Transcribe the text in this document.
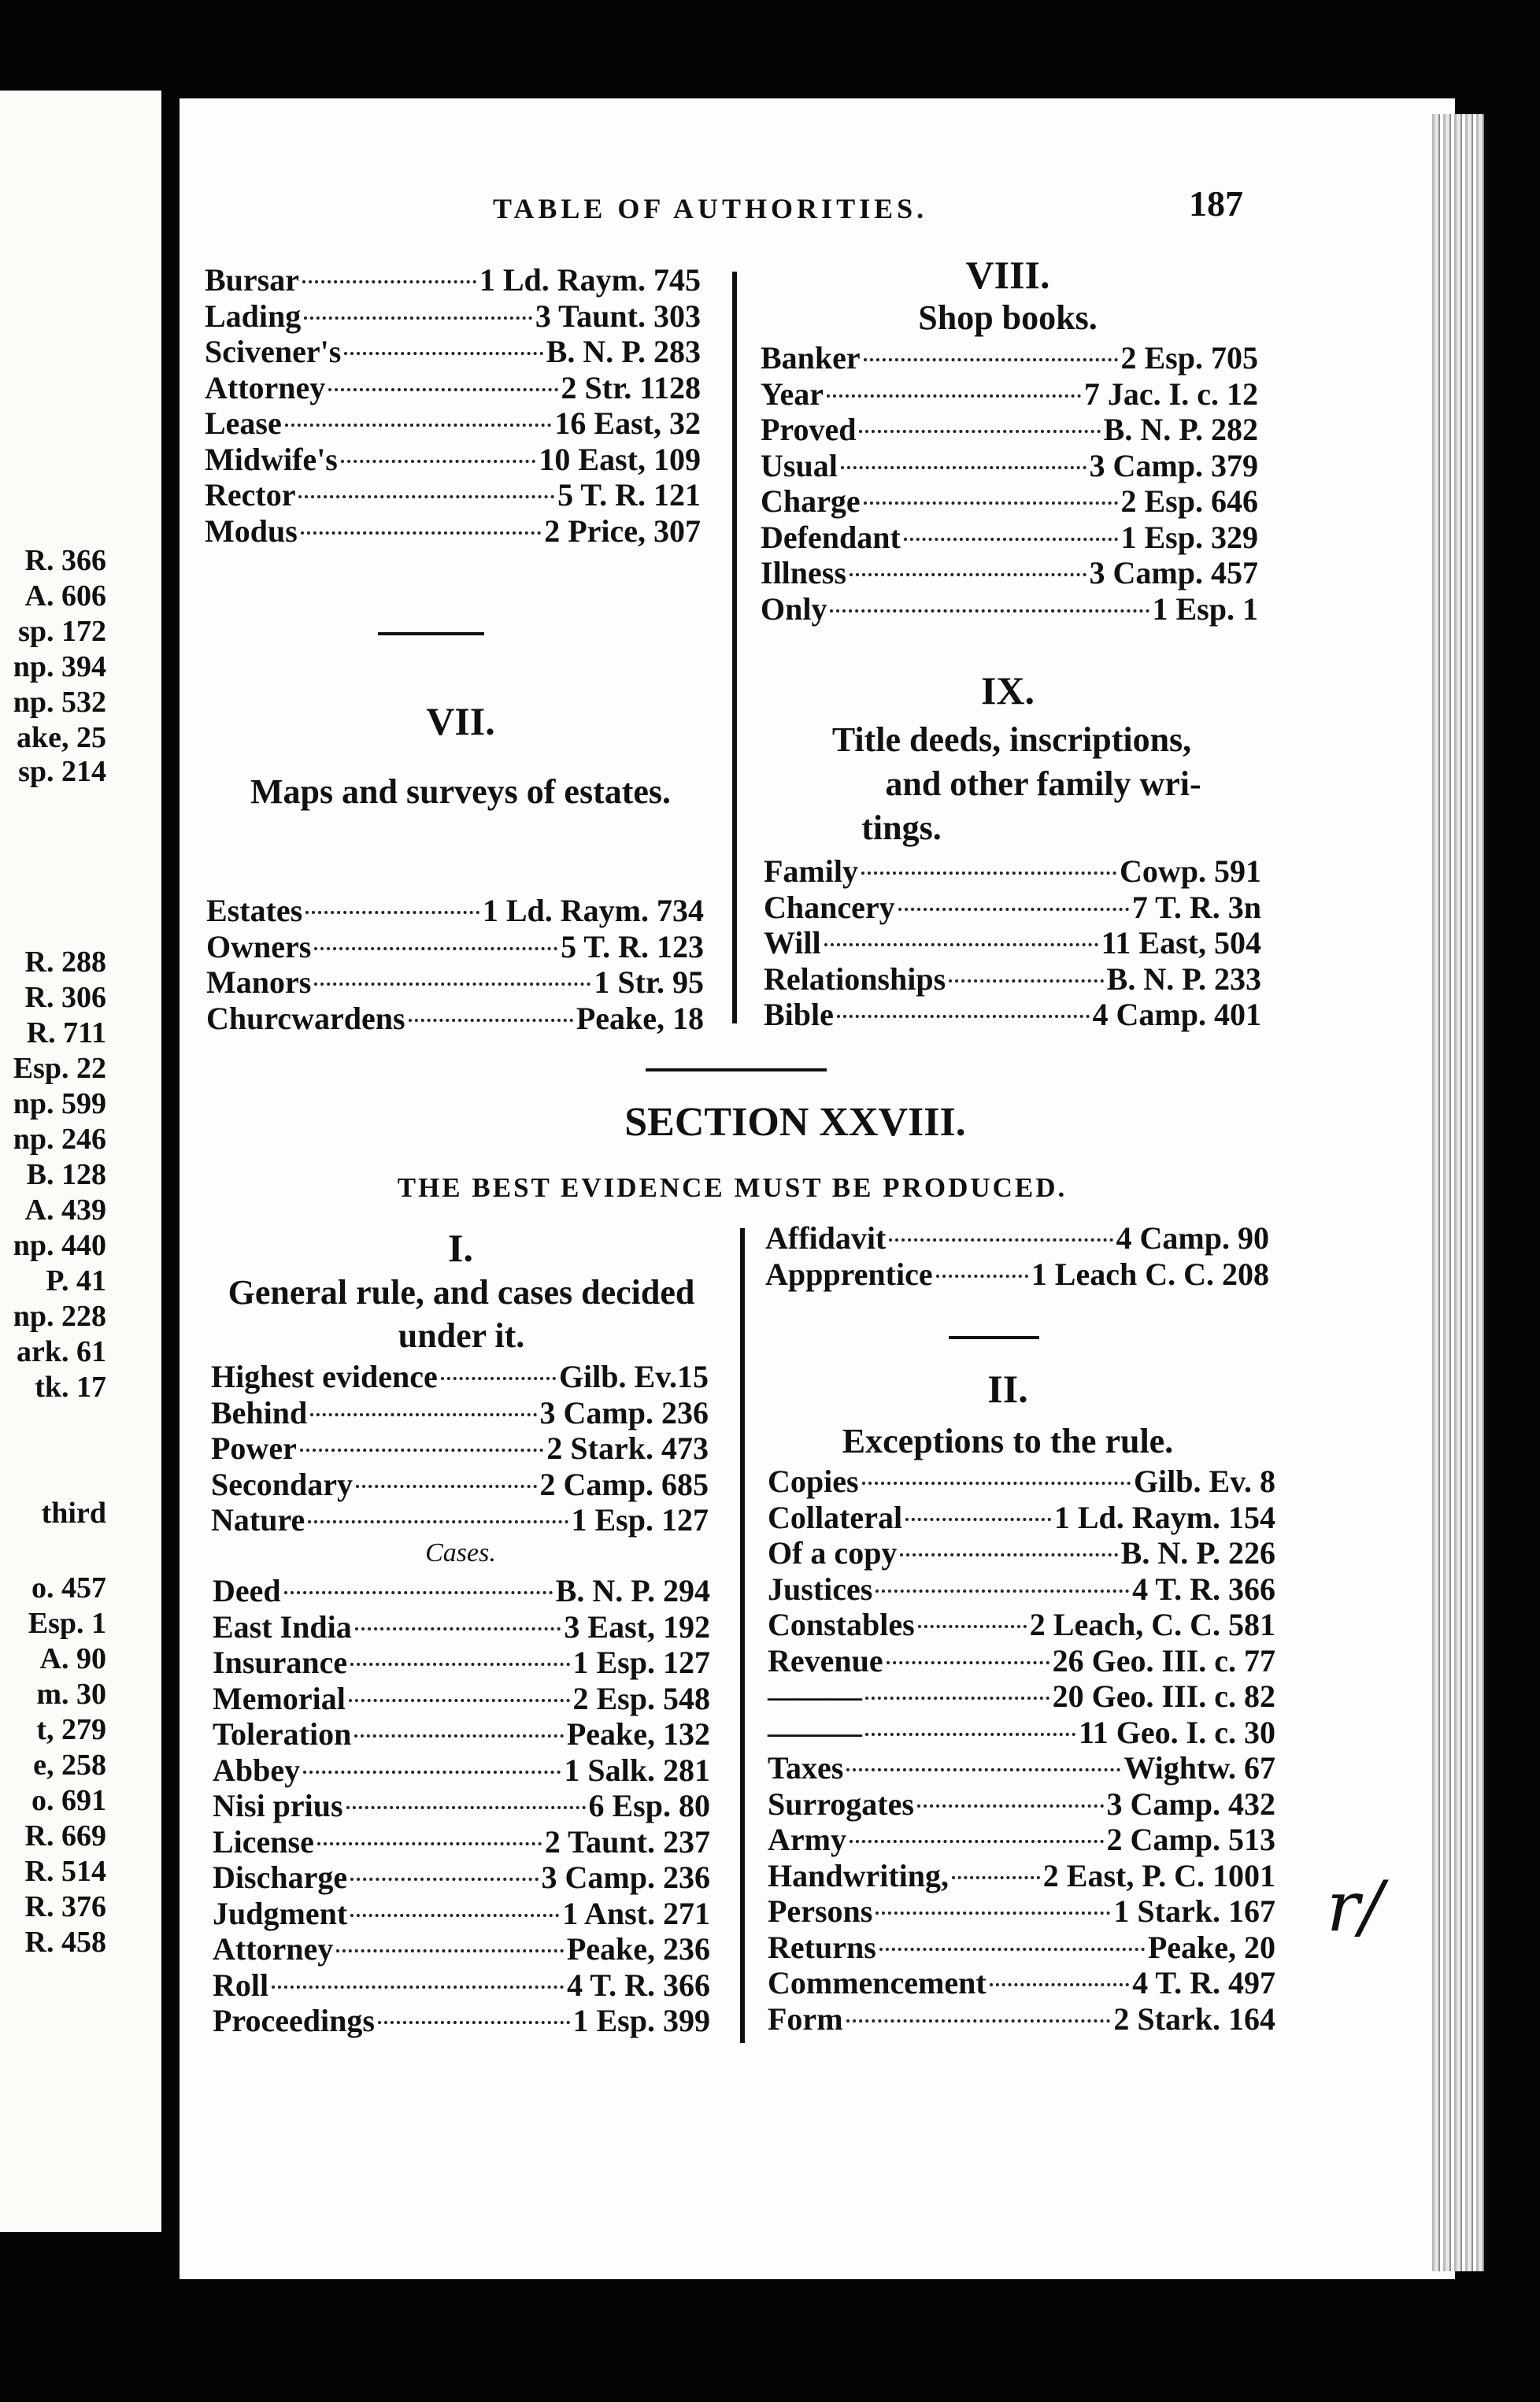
R. 366
A. 606
sp. 172
np. 394
np. 532
ake, 25
sp. 214
R. 288
R. 306
R. 711
Esp. 22
np. 599
np. 246
B. 128
A. 439
np. 440
P. 41
np. 228
ark. 61
tk. 17
third
o. 457
Esp. 1
A. 90
m. 30
t, 279
e, 258
o. 691
R. 669
R. 514
R. 376
R. 458
TABLE OF AUTHORITIES.	187
Bursar	1 Ld. Raym. 745
Lading	3 Taunt. 303
Scivener's	B. N. P. 283
Attorney	2 Str. 1128
Lease	16 East, 32
Midwife's	10 East, 109
Rector	5 T. R. 121
Modus	2 Price, 307
VII.
Maps and surveys of estates.
Estates	1 Ld. Raym. 734
Owners	5 T. R. 123
Manors	1 Str. 95
Churcwardens	Peake, 18
VIII.
Shop books.
Banker	2 Esp. 705
Year	7 Jac. I. c. 12
Proved	B. N. P. 282
Usual	3 Camp. 379
Charge	2 Esp. 646
Defendant	1 Esp. 329
Illness	3 Camp. 457
Only	1 Esp. 1
IX.
Title deeds, inscriptions,
and other family wri-
tings.
Family	Cowp. 591
Chancery	7 T. R. 3n
Will	11 East, 504
Relationships	B. N. P. 233
Bible	4 Camp. 401
SECTION XXVIII.
THE BEST EVIDENCE MUST BE PRODUCED.
I.
General rule, and cases decided under it.
Highest evidence	Gilb. Ev.15
Behind	3 Camp. 236
Power	2 Stark. 473
Secondary	2 Camp. 685
Nature	1 Esp. 127
Cases.
Deed	B. N. P. 294
East India	3 East, 192
Insurance	1 Esp. 127
Memorial	2 Esp. 548
Toleration	Peake, 132
Abbey	1 Salk. 281
Nisi prius	6 Esp. 80
License	2 Taunt. 237
Discharge	3 Camp. 236
Judgment	1 Anst. 271
Attorney	Peake, 236
Roll	4 T. R. 366
Proceedings	1 Esp. 399
Affidavit	4 Camp. 90
Appprentice	1 Leach C. C. 208
II.
Exceptions to the rule.
Copies	Gilb. Ev. 8
Collateral	1 Ld. Raym. 154
Of a copy	B. N. P. 226
Justices	4 T. R. 366
Constables	2 Leach, C. C. 581
Revenue	26 Geo. III. c. 77
———	20 Geo. III. c. 82
———	11 Geo. I. c. 30
Taxes	Wightw. 67
Surrogates	3 Camp. 432
Army	2 Camp. 513
Handwriting,	2 East, P. C. 1001
Persons	1 Stark. 167
Returns	Peake, 20
Commencement	4 T. R. 497
Form	2 Stark. 164
r/
